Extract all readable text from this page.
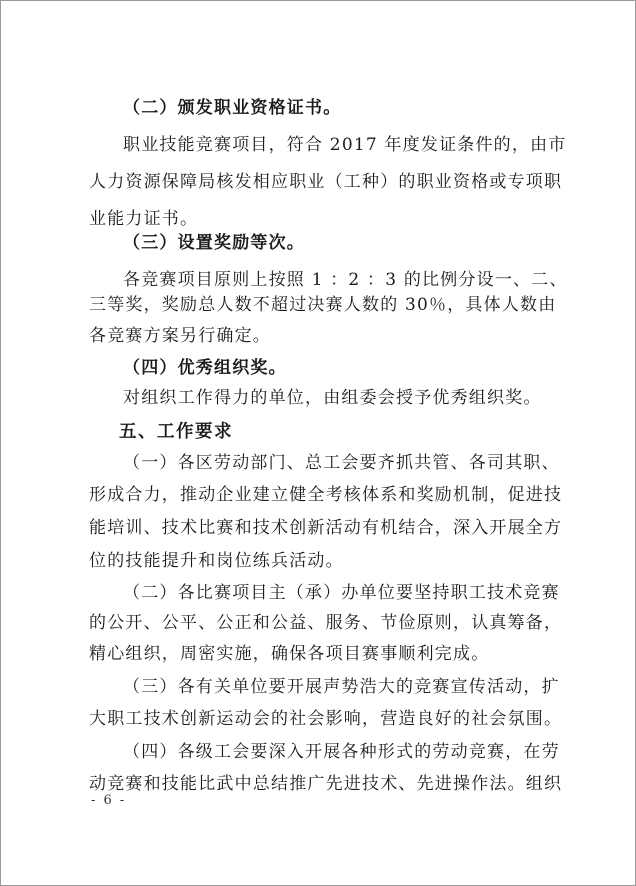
（二）颁发职业资格证书。
职业技能竞赛项目，符合 2017 年度发证条件的，由市
人力资源保障局核发相应职业（工种）的职业资格或专项职
业能力证书。
（三）设置奖励等次。
各竞赛项目原则上按照 1 ：2 ：3 的比例分设一、二、
三等奖，奖励总人数不超过决赛人数的 30％，具体人数由
各竞赛方案另行确定。
（四）优秀组织奖。
对组织工作得力的单位，由组委会授予优秀组织奖。
五、工作要求
（一）各区劳动部门、总工会要齐抓共管、各司其职、
形成合力，推动企业建立健全考核体系和奖励机制，促进技
能培训、技术比赛和技术创新活动有机结合，深入开展全方
位的技能提升和岗位练兵活动。
（二）各比赛项目主（承）办单位要坚持职工技术竞赛
的公开、公平、公正和公益、服务、节俭原则，认真筹备，
精心组织，周密实施，确保各项目赛事顺利完成。
（三）各有关单位要开展声势浩大的竞赛宣传活动，扩
大职工技术创新运动会的社会影响，营造良好的社会氛围。
（四）各级工会要深入开展各种形式的劳动竞赛，在劳
动竞赛和技能比武中总结推广先进技术、先进操作法。组织
- 6 -
